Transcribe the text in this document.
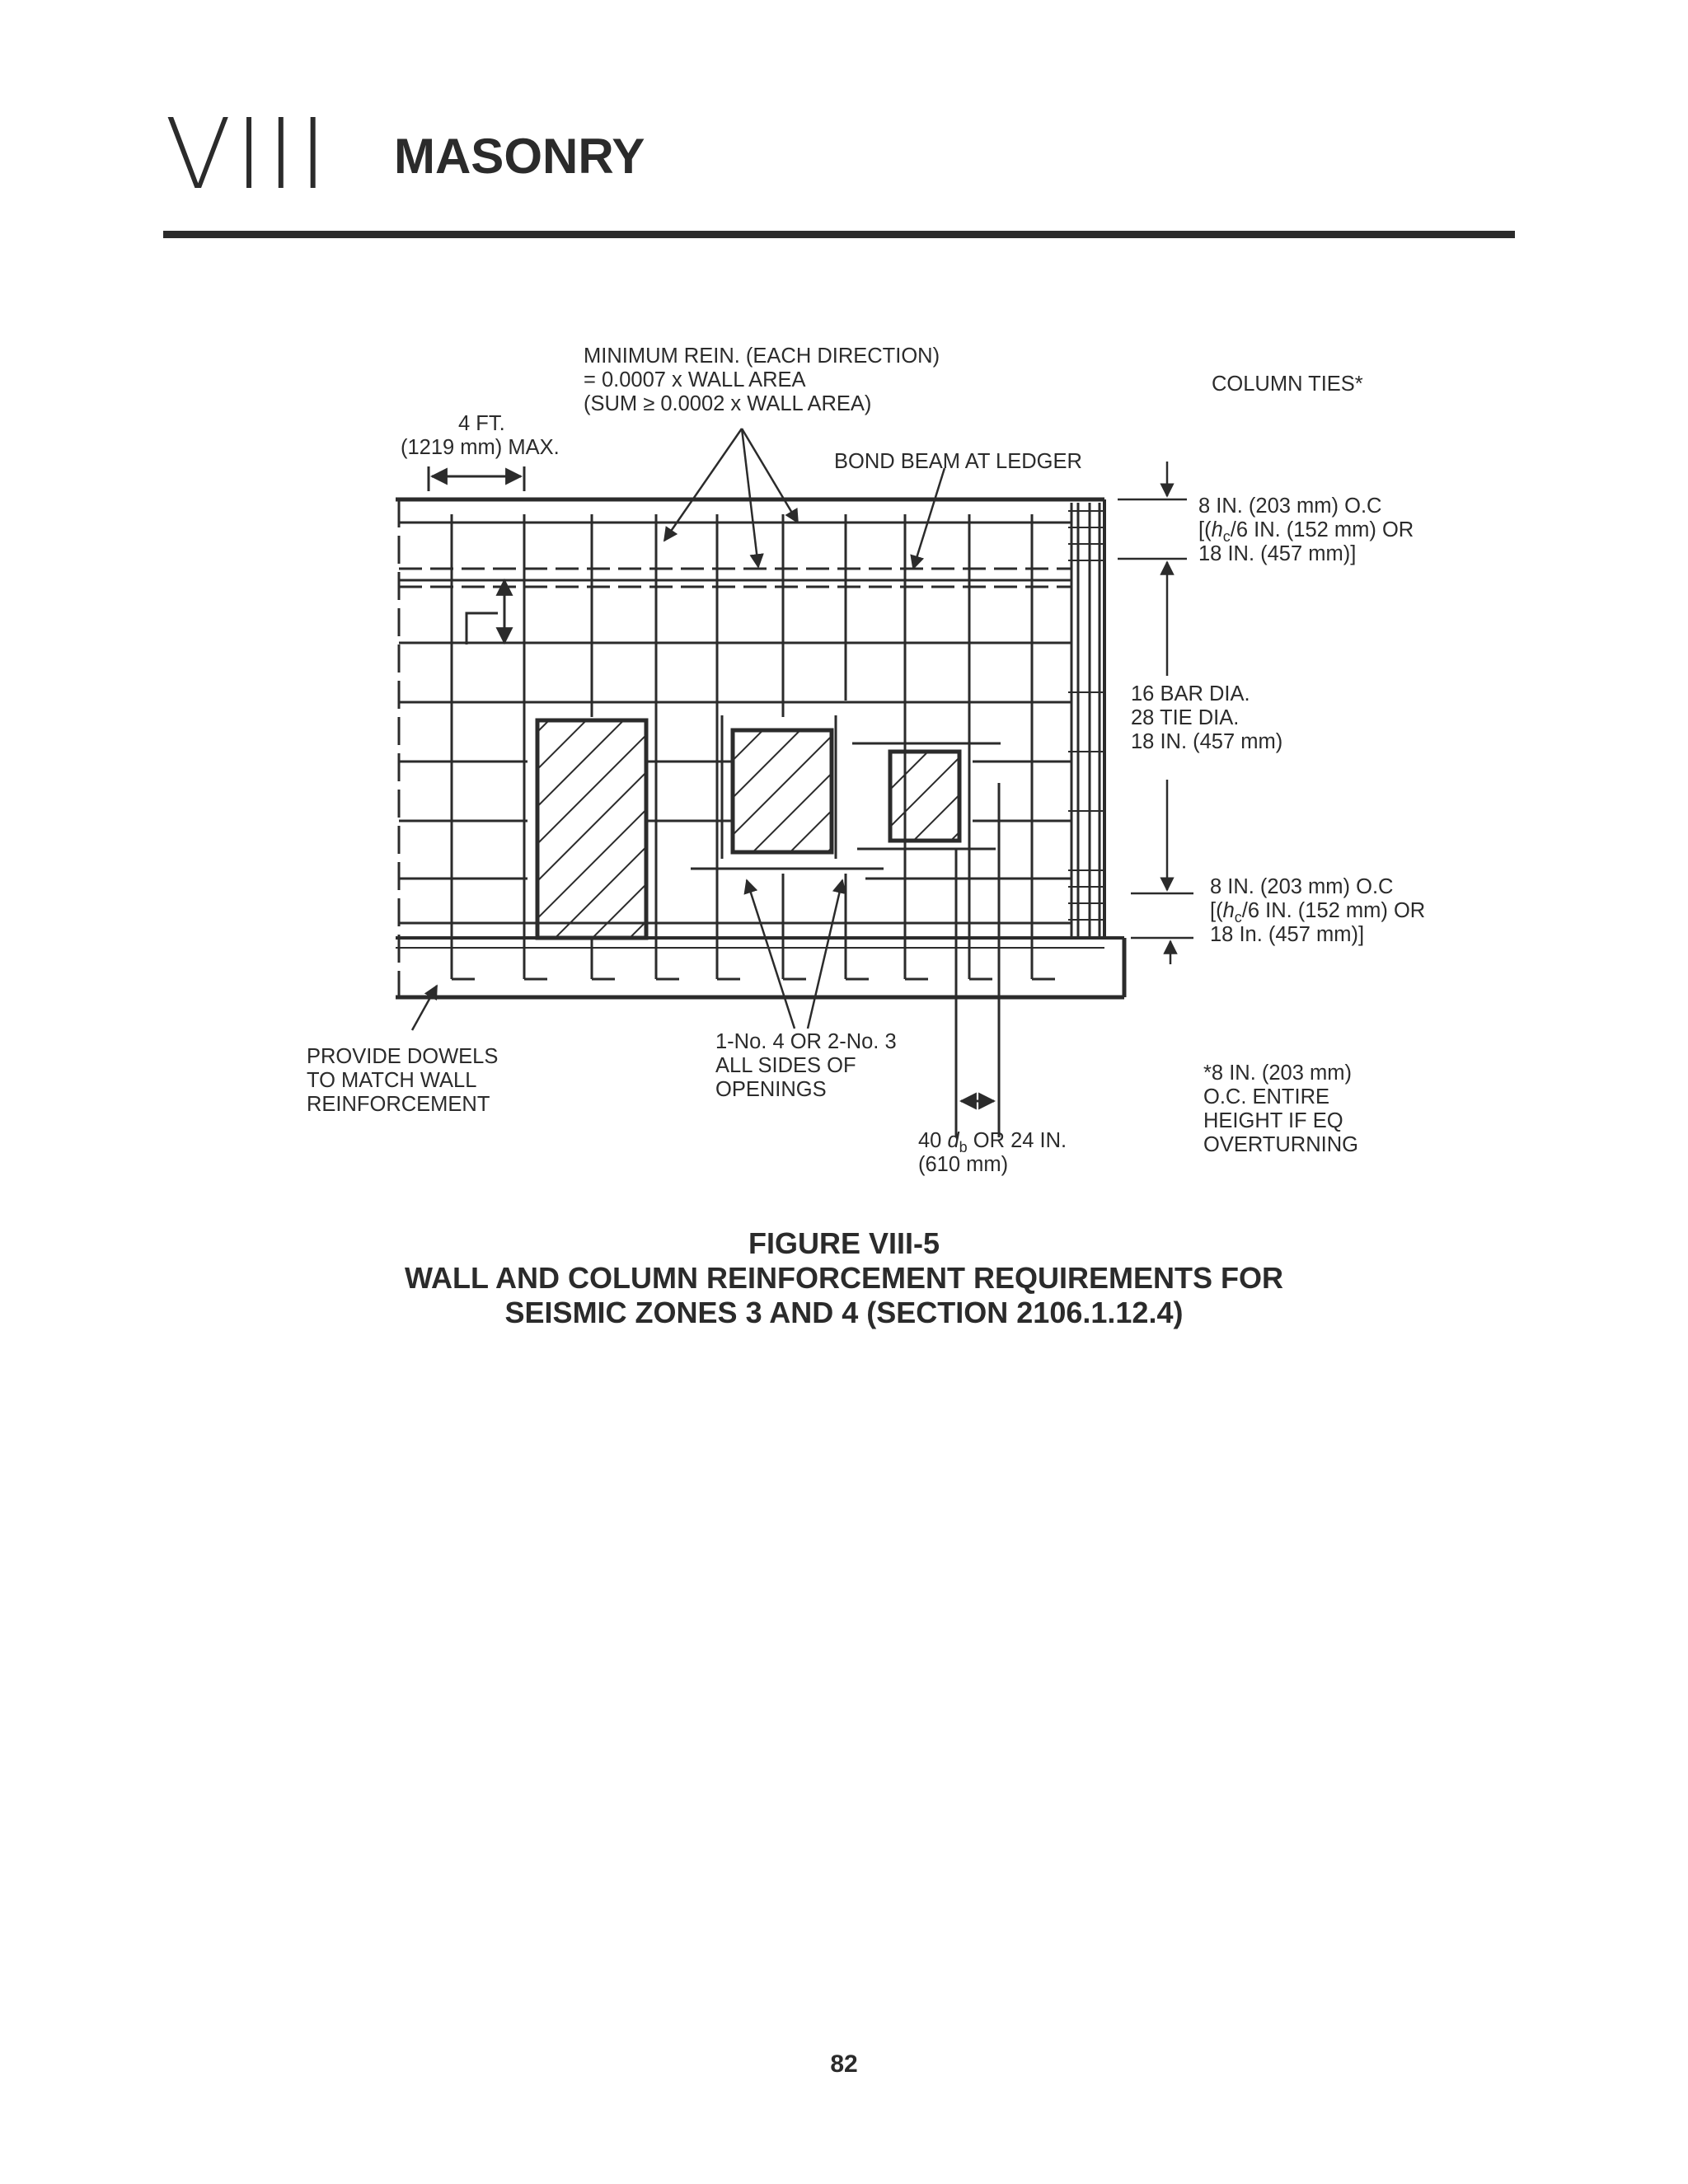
VIII MASONRY
MINIMUM REIN. (EACH DIRECTION)
= 0.0007 x WALL AREA
(SUM ≥ 0.0002 x WALL AREA)
COLUMN TIES*
4 FT.
(1219 mm) MAX.
BOND BEAM AT LEDGER
8 IN. (203 mm) O.C
[($h_c/6$ IN. (152 mm) OR
18 IN. (457 mm)]
16 BAR DIA.
28 TIE DIA.
18 IN. (457 mm)
8 IN. (203 mm) O.C
[($h_c/6$ IN. (152 mm) OR
18 In. (457 mm)]
PROVIDE DOWELS
TO MATCH WALL
REINFORCEMENT
1-No. 4 OR 2-No. 3
ALL SIDES OF
OPENINGS
40 $d_b$ OR 24 IN.
(610 mm)
*8 IN. (203 mm)
O.C. ENTIRE
HEIGHT IF EQ
OVERTURNING
FIGURE VIII-5
WALL AND COLUMN REINFORCEMENT REQUIREMENTS FOR
SEISMIC ZONES 3 AND 4 (SECTION 2106.1.12.4)
82
